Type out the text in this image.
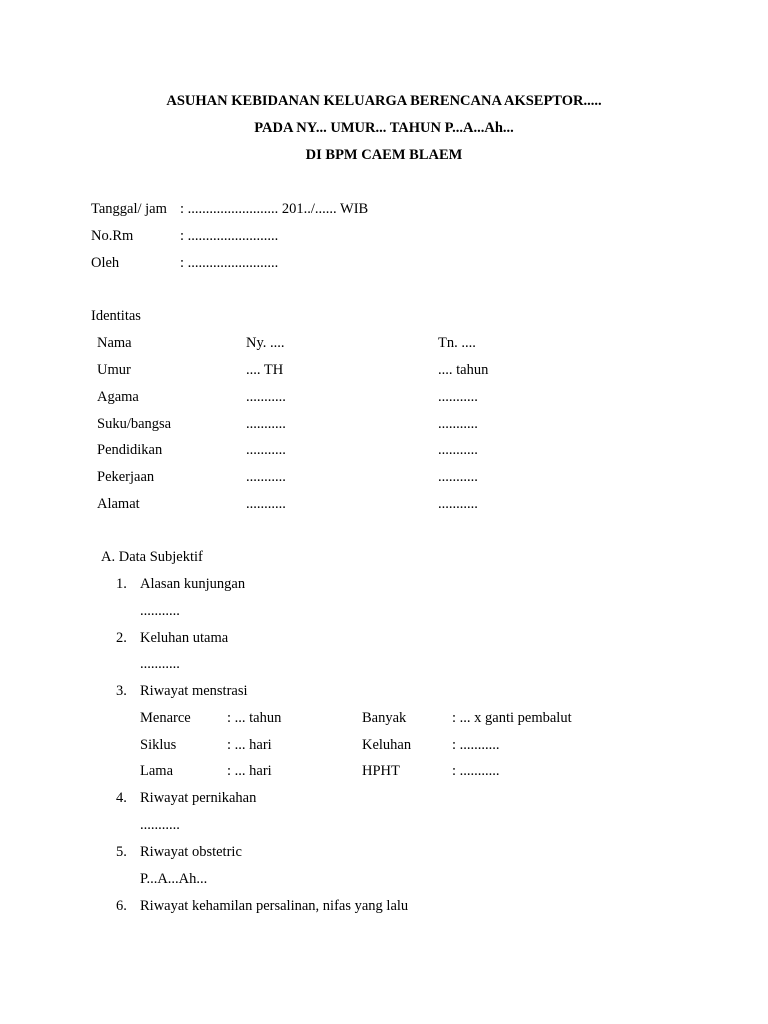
ASUHAN KEBIDANAN KELUARGA BERENCANA AKSEPTOR.....
PADA NY... UMUR... TAHUN P...A...Ah...
DI BPM CAEM BLAEM
Tanggal/ jam : ......................... 201../...... WIB
No.Rm	: .........................
Oleh	: .........................
Identitas
Nama	Ny. ....	Tn. ....
Umur	.... TH	.... tahun
Agama	...........	...........
Suku/bangsa	...........	...........
Pendidikan	...........	...........
Pekerjaan	...........	...........
Alamat	...........	...........
A. Data Subjektif
1. Alasan kunjungan
...........
2. Keluhan utama
...........
3. Riwayat menstrasi
Menarce	: ... tahun	Banyak	: ... x ganti pembalut
Siklus	: ... hari	Keluhan	: ...........
Lama	: ... hari	HPHT	: ...........
4. Riwayat pernikahan
...........
5. Riwayat obstetric
P...A...Ah...
6. Riwayat kehamilan persalinan, nifas yang lalu
